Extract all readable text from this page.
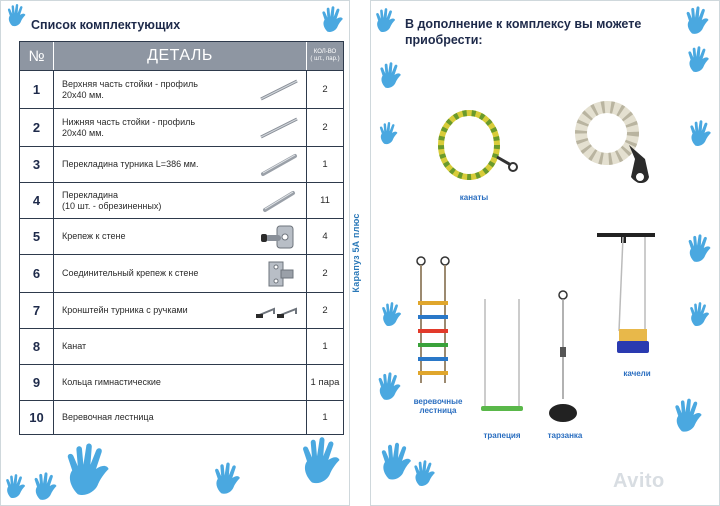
Список комплектующих
№	ДЕТАЛЬ	КОЛ-ВО
( шт., пар.)
1	Верхняя часть стойки - профиль
20х40 мм.	2
2	Нижняя часть стойки - профиль
20х40 мм.	2
3	Перекладина турника L=386 мм.	1
4	Перекладина
(10 шт. - обрезиненных)	11
5	Крепеж к стене	4
6	Соединительный крепеж к стене	2
7	Кронштейн турника с ручками	2
8	Канат	1
9	Кольца гимнастические	1 пара
10	Веревочная лестница	1
Карапуз 5А плюс
В дополнение к комплексу вы можете приобрести:
канаты
веревочные
лестница
трапеция	тарзанка
качели
Avito
